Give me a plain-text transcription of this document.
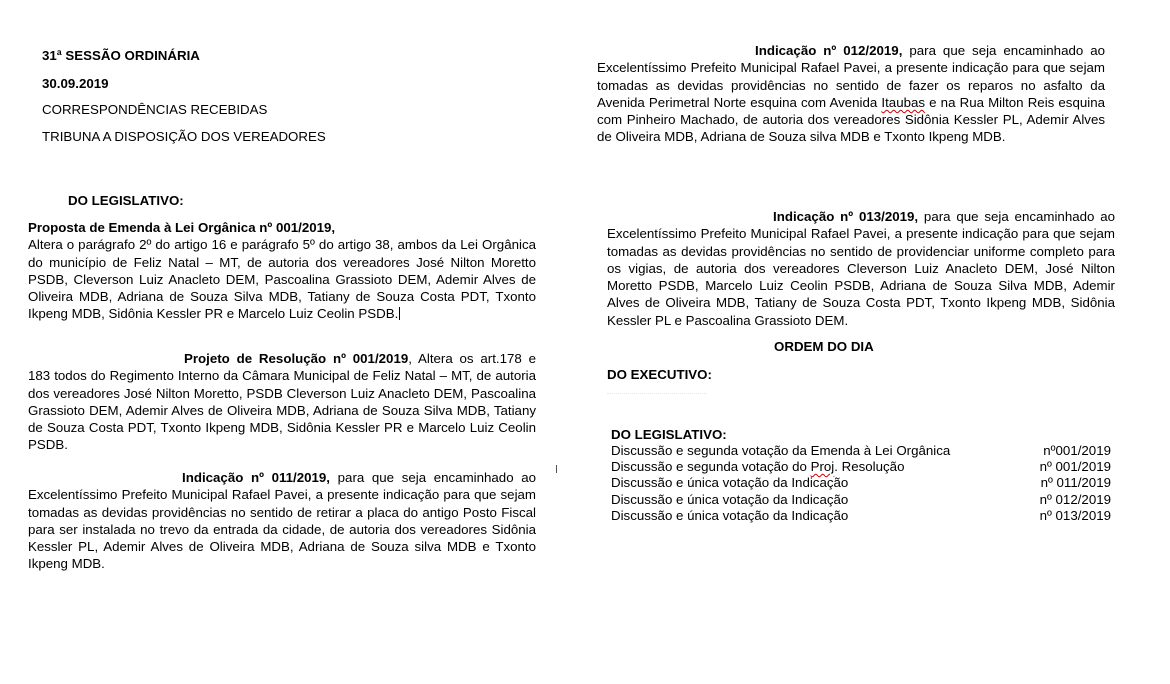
31ª SESSÃO ORDINÁRIA
30.09.2019
CORRESPONDÊNCIAS RECEBIDAS
TRIBUNA A DISPOSIÇÃO DOS VEREADORES
DO LEGISLATIVO:
Proposta de Emenda à Lei Orgânica nº 001/2019,
Altera o parágrafo 2º do artigo 16 e parágrafo 5º do artigo 38, ambos da Lei Orgânica do município de Feliz Natal – MT, de autoria dos vereadores José Nilton Moretto PSDB, Cleverson Luiz Anacleto DEM, Pascoalina Grassioto DEM, Ademir Alves de Oliveira MDB, Adriana de Souza Silva MDB, Tatiany de Souza Costa PDT, Txonto Ikpeng MDB, Sidônia Kessler PR e Marcelo Luiz Ceolin PSDB.
Projeto de Resolução nº 001/2019, Altera os art.178 e 183 todos do Regimento Interno da Câmara Municipal de Feliz Natal – MT, de autoria dos vereadores José Nilton Moretto, PSDB Cleverson Luiz Anacleto DEM, Pascoalina Grassioto DEM, Ademir Alves de Oliveira MDB, Adriana de Souza Silva MDB, Tatiany de Souza Costa PDT, Txonto Ikpeng MDB, Sidônia Kessler PR e Marcelo Luiz Ceolin PSDB.
Indicação nº 011/2019, para que seja encaminhado ao Excelentíssimo Prefeito Municipal Rafael Pavei, a presente indicação para que sejam tomadas as devidas providências no sentido de retirar a placa do antigo Posto Fiscal para ser instalada no trevo da entrada da cidade, de autoria dos vereadores Sidônia Kessler PL, Ademir Alves de Oliveira MDB, Adriana de Souza silva MDB e Txonto Ikpeng MDB.
Indicação nº 012/2019, para que seja encaminhado ao Excelentíssimo Prefeito Municipal Rafael Pavei, a presente indicação para que sejam tomadas as devidas providências no sentido de fazer os reparos no asfalto da Avenida Perimetral Norte esquina com Avenida Itaubas e na Rua Milton Reis esquina com Pinheiro Machado, de autoria dos vereadores Sidônia Kessler PL, Ademir Alves de Oliveira MDB, Adriana de Souza silva MDB e Txonto Ikpeng MDB.
Indicação nº 013/2019, para que seja encaminhado ao Excelentíssimo Prefeito Municipal Rafael Pavei, a presente indicação para que sejam tomadas as devidas providências no sentido de providenciar uniforme completo para os vigias, de autoria dos vereadores Cleverson Luiz Anacleto DEM, José Nilton Moretto PSDB, Marcelo Luiz Ceolin PSDB, Adriana de Souza Silva MDB, Ademir Alves de Oliveira MDB, Tatiany de Souza Costa PDT, Txonto Ikpeng MDB, Sidônia Kessler PL e Pascoalina Grassioto DEM.
ORDEM DO DIA
DO EXECUTIVO:
DO LEGISLATIVO:
Discussão e segunda votação da Emenda à Lei Orgânica	nº001/2019
Discussão e segunda votação do Proj. Resolução	nº 001/2019
Discussão e única votação da Indicação	nº 011/2019
Discussão e única votação da Indicação	nº 012/2019
Discussão e única votação da Indicação	nº 013/2019
